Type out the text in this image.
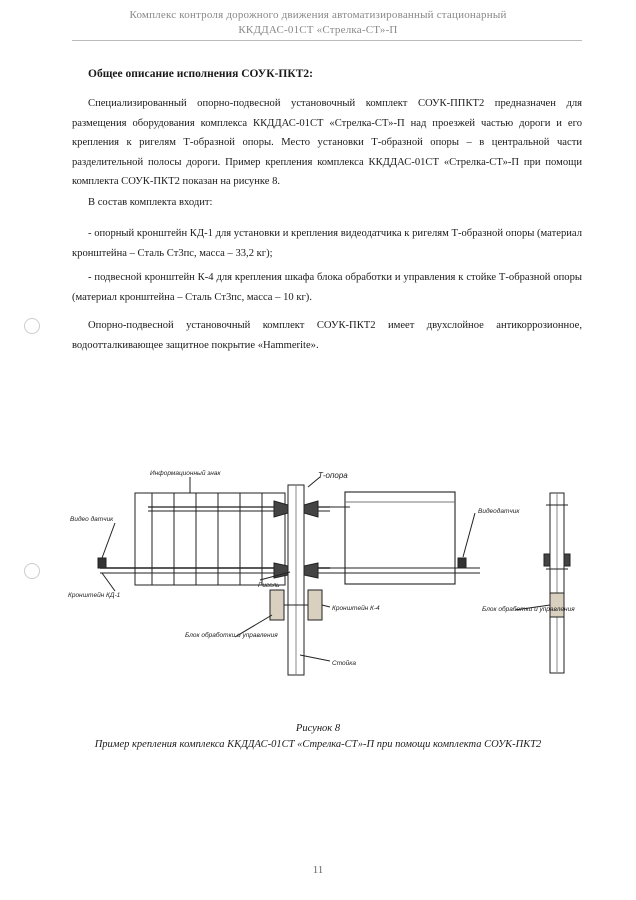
Комплекс контроля дорожного движения автоматизированный стационарный
ККДДАС-01СТ «Стрелка-СТ»-П
Общее описание исполнения СОУК-ПКТ2:
Специализированный опорно-подвесной установочный комплект СОУК-ППКТ2 предназначен для размещения оборудования комплекса ККДДАС-01СТ «Стрелка-СТ»-П над проезжей частью дороги и его крепления к ригелям Т-образной опоры. Место установки Т-образной опоры – в центральной части разделительной полосы дороги. Пример крепления комплекса ККДДАС-01СТ «Стрелка-СТ»-П при помощи комплекта СОУК-ПКТ2 показан на рисунке 8.
В состав комплекта входит:
- опорный кронштейн КД-1 для установки и крепления видеодатчика к ригелям Т-образной опоры (материал кронштейна – Сталь Ст3пс, масса – 33,2 кг);
- подвесной кронштейн К-4 для крепления шкафа блока обработки и управления к стойке Т-образной опоры (материал кронштейна – Сталь Ст3пс, масса – 10 кг).
Опорно-подвесной установочный комплект СОУК-ПКТ2 имеет двухслойное антикоррозионное, водоотталкивающее защитное покрытие «Hammerite».
Информационный знак	Т-опора
Видео датчик
Видеодатчик
Кронштейн КД-1
Ригель
Кронштейн К-4
Блок обработки и управления
Блок обработки и управления
Стойка
Рисунок 8
Пример крепления комплекса ККДДАС-01СТ «Стрелка-СТ»-П при помощи комплекта СОУК-ПКТ2
11
